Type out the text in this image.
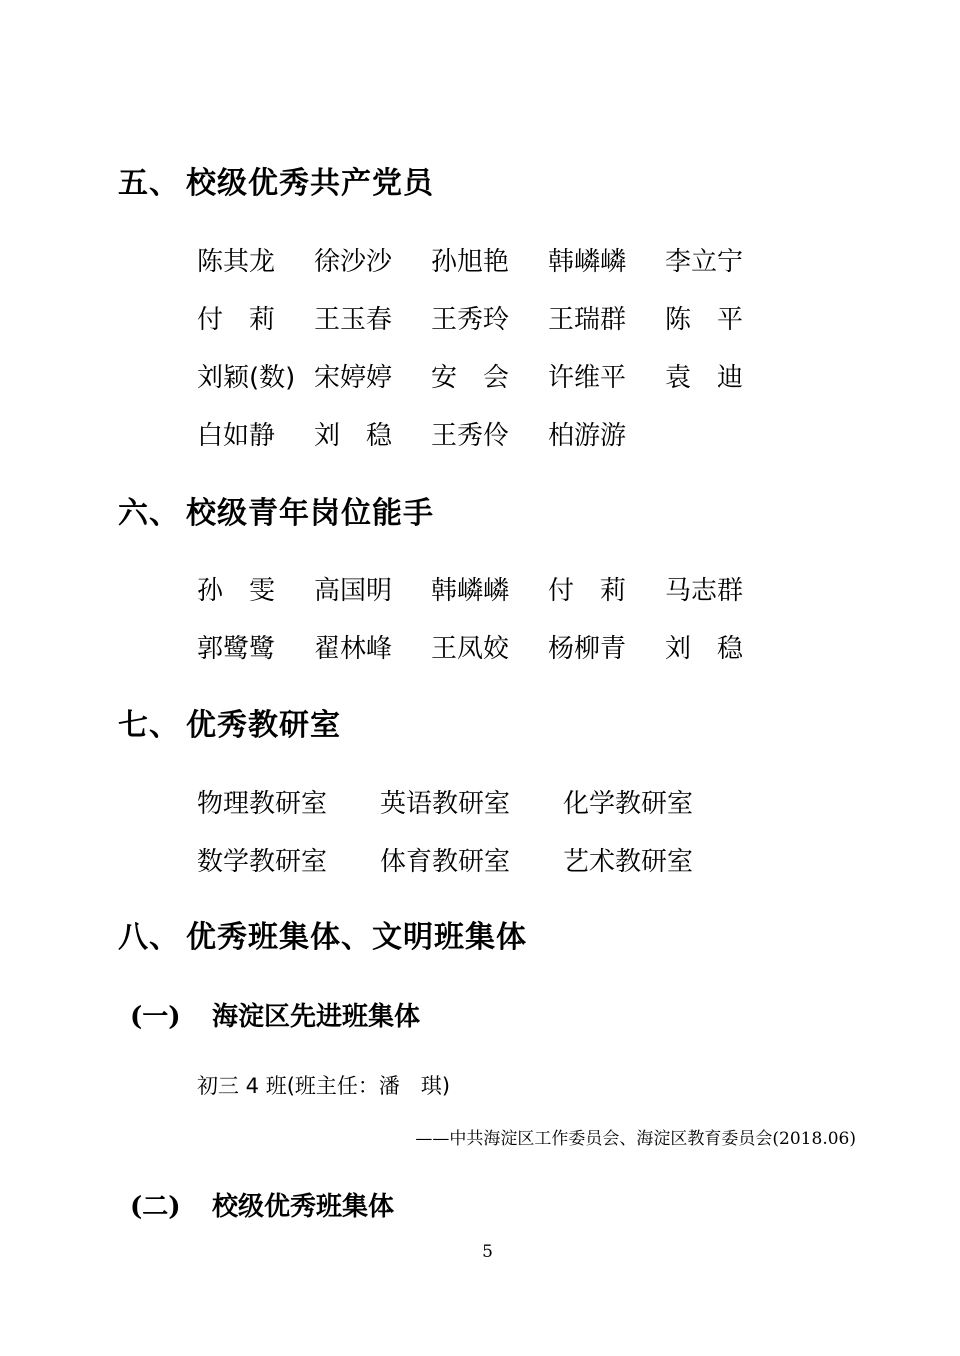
五、 校级优秀共产党员
陈其龙	徐沙沙	孙旭艳	韩嶙嶙	李立宁
付　莉	王玉春	王秀玲	王瑞群	陈　平
刘颖(数) 宋婷婷	安　会	许维平	袁　迪
白如静	刘　稳	王秀伶	柏游游
六、 校级青年岗位能手
孙　雯	高国明	韩嶙嶙	付　莉	马志群
郭鹭鹭	翟林峰	王凤姣	杨柳青	刘　稳
七、 优秀教研室
物理教研室	英语教研室	化学教研室
数学教研室	体育教研室	艺术教研室
八、 优秀班集体、文明班集体
(一) 海淀区先进班集体
初三 4 班(班主任：潘　琪)
——中共海淀区工作委员会、海淀区教育委员会(2018.06)
(二) 校级优秀班集体
5
